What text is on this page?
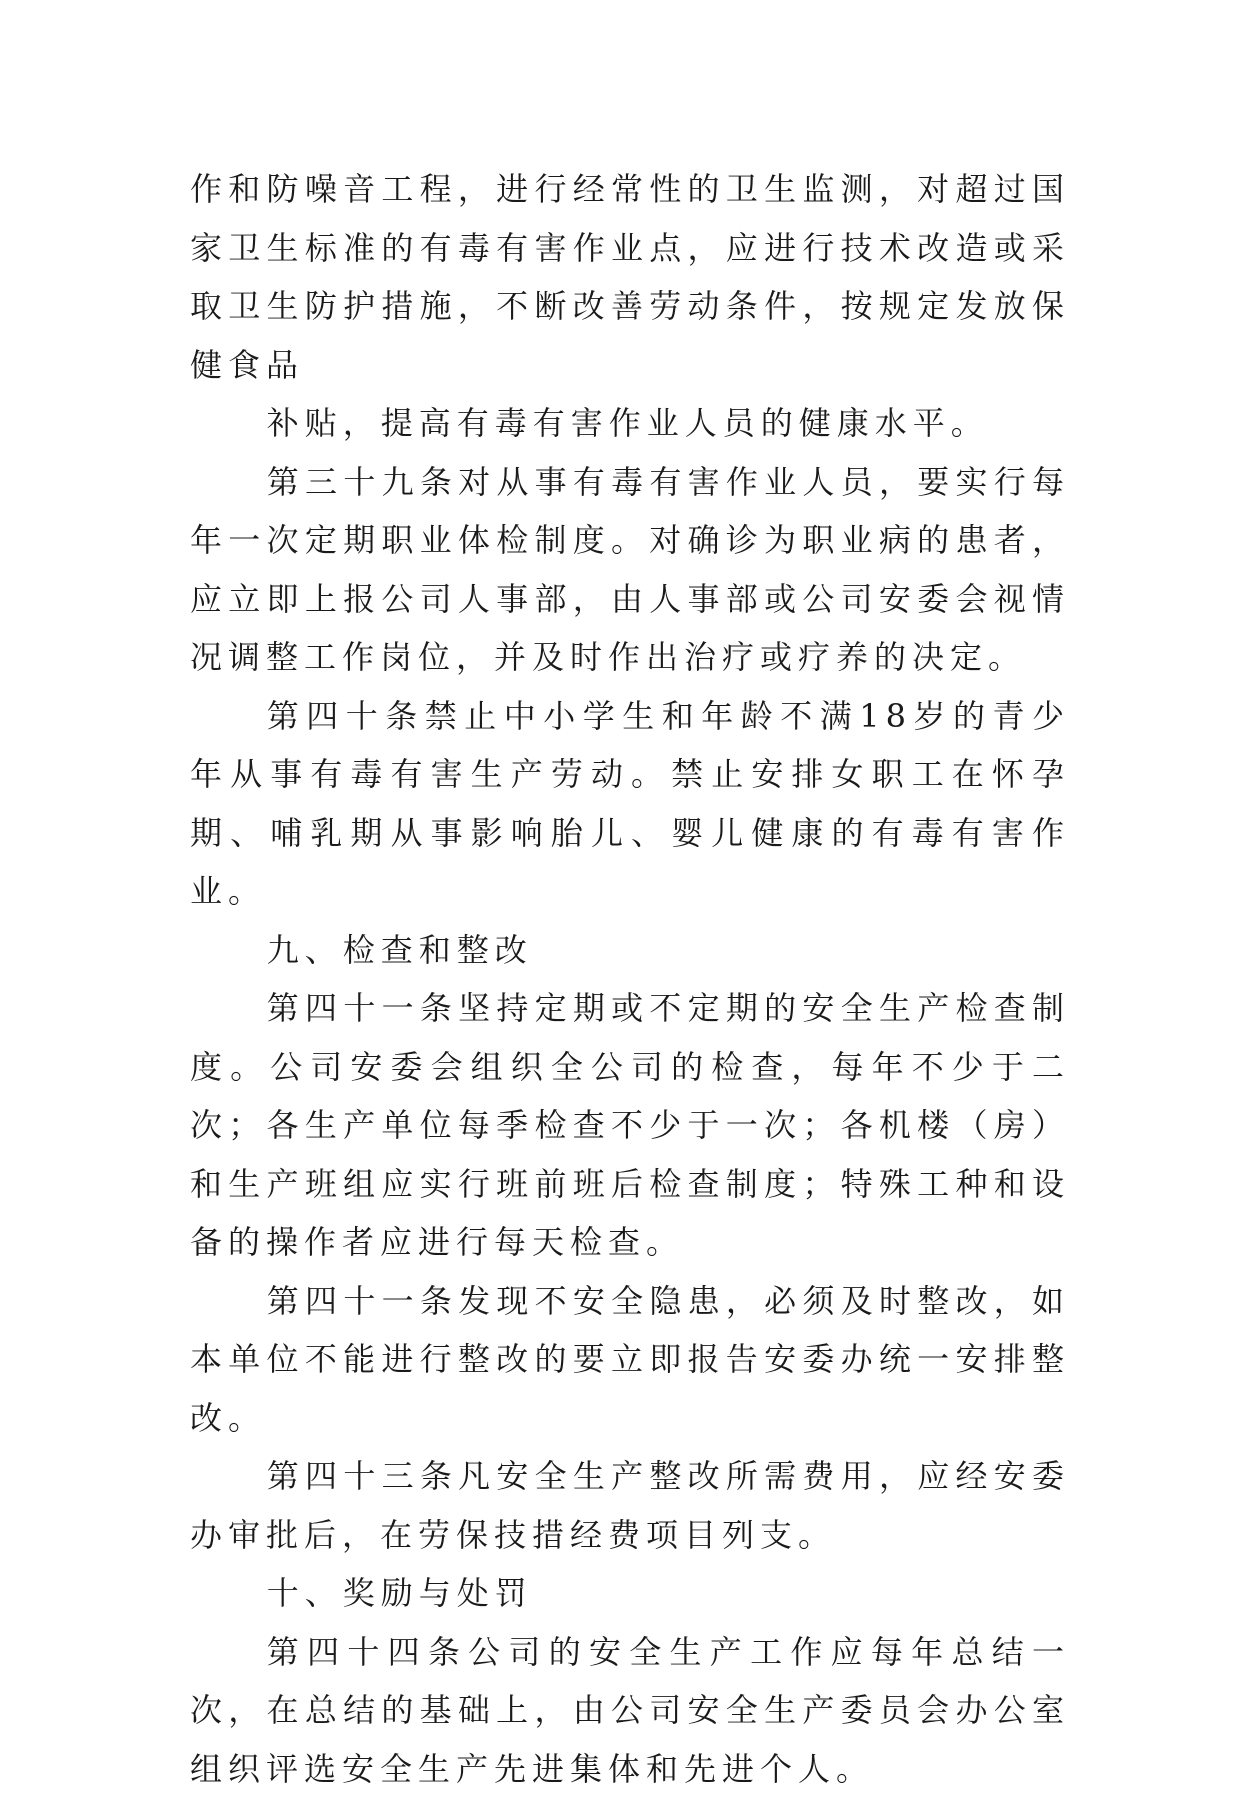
作和防噪音工程，进行经常性的卫生监测，对超过国家卫生标准的有毒有害作业点，应进行技术改造或采取卫生防护措施，不断改善劳动条件，按规定发放保健食品

补贴，提高有毒有害作业人员的健康水平。

第三十九条对从事有毒有害作业人员，要实行每年一次定期职业体检制度。对确诊为职业病的患者，应立即上报公司人事部，由人事部或公司安委会视情况调整工作岗位，并及时作出治疗或疗养的决定。

第四十条禁止中小学生和年龄不满18岁的青少年从事有毒有害生产劳动。禁止安排女职工在怀孕期、哺乳期从事影响胎儿、婴儿健康的有毒有害作业。

九、检查和整改

第四十一条坚持定期或不定期的安全生产检查制度。公司安委会组织全公司的检查，每年不少于二次；各生产单位每季检查不少于一次；各机楼（房）和生产班组应实行班前班后检查制度；特殊工种和设备的操作者应进行每天检查。

第四十一条发现不安全隐患，必须及时整改，如本单位不能进行整改的要立即报告安委办统一安排整改。

第四十三条凡安全生产整改所需费用，应经安委办审批后，在劳保技措经费项目列支。

十、奖励与处罚

第四十四条公司的安全生产工作应每年总结一次，在总结的基础上，由公司安全生产委员会办公室组织评选安全生产先进集体和先进个人。
